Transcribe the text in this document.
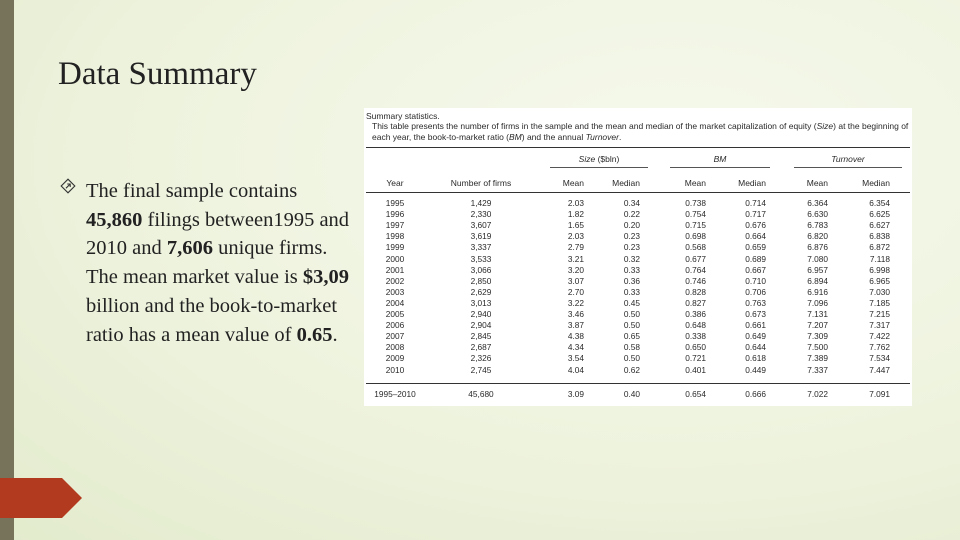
Data Summary

The final sample contains 45,860 filings between1995 and 2010 and 7,606 unique firms. The mean market value is $3,09 billion and the book-to-market ratio has a mean value of 0.65.

Summary statistics.
This table presents the number of firms in the sample and the mean and median of the market capitalization of equity (Size) at the beginning of each year, the book-to-market ratio (BM) and the annual Turnover.
Size ($bln)	BM	Turnover
Year	Number of firms	Mean	Median	Mean	Median	Mean	Median
1995	1,429	2.03	0.34	0.738	0.714	6.364	6.354
1996	2,330	1.82	0.22	0.754	0.717	6.630	6.625
1997	3,607	1.65	0.20	0.715	0.676	6.783	6.627
1998	3,619	2.03	0.23	0.698	0.664	6.820	6.838
1999	3,337	2.79	0.23	0.568	0.659	6.876	6.872
2000	3,533	3.21	0.32	0.677	0.689	7.080	7.118
2001	3,066	3.20	0.33	0.764	0.667	6.957	6.998
2002	2,850	3.07	0.36	0.746	0.710	6.894	6.965
2003	2,629	2.70	0.33	0.828	0.706	6.916	7.030
2004	3,013	3.22	0.45	0.827	0.763	7.096	7.185
2005	2,940	3.46	0.50	0.386	0.673	7.131	7.215
2006	2,904	3.87	0.50	0.648	0.661	7.207	7.317
2007	2,845	4.38	0.65	0.338	0.649	7.309	7.422
2008	2,687	4.34	0.58	0.650	0.644	7.500	7.762
2009	2,326	3.54	0.50	0.721	0.618	7.389	7.534
2010	2,745	4.04	0.62	0.401	0.449	7.337	7.447
1995–2010	45,680	3.09	0.40	0.654	0.666	7.022	7.091
